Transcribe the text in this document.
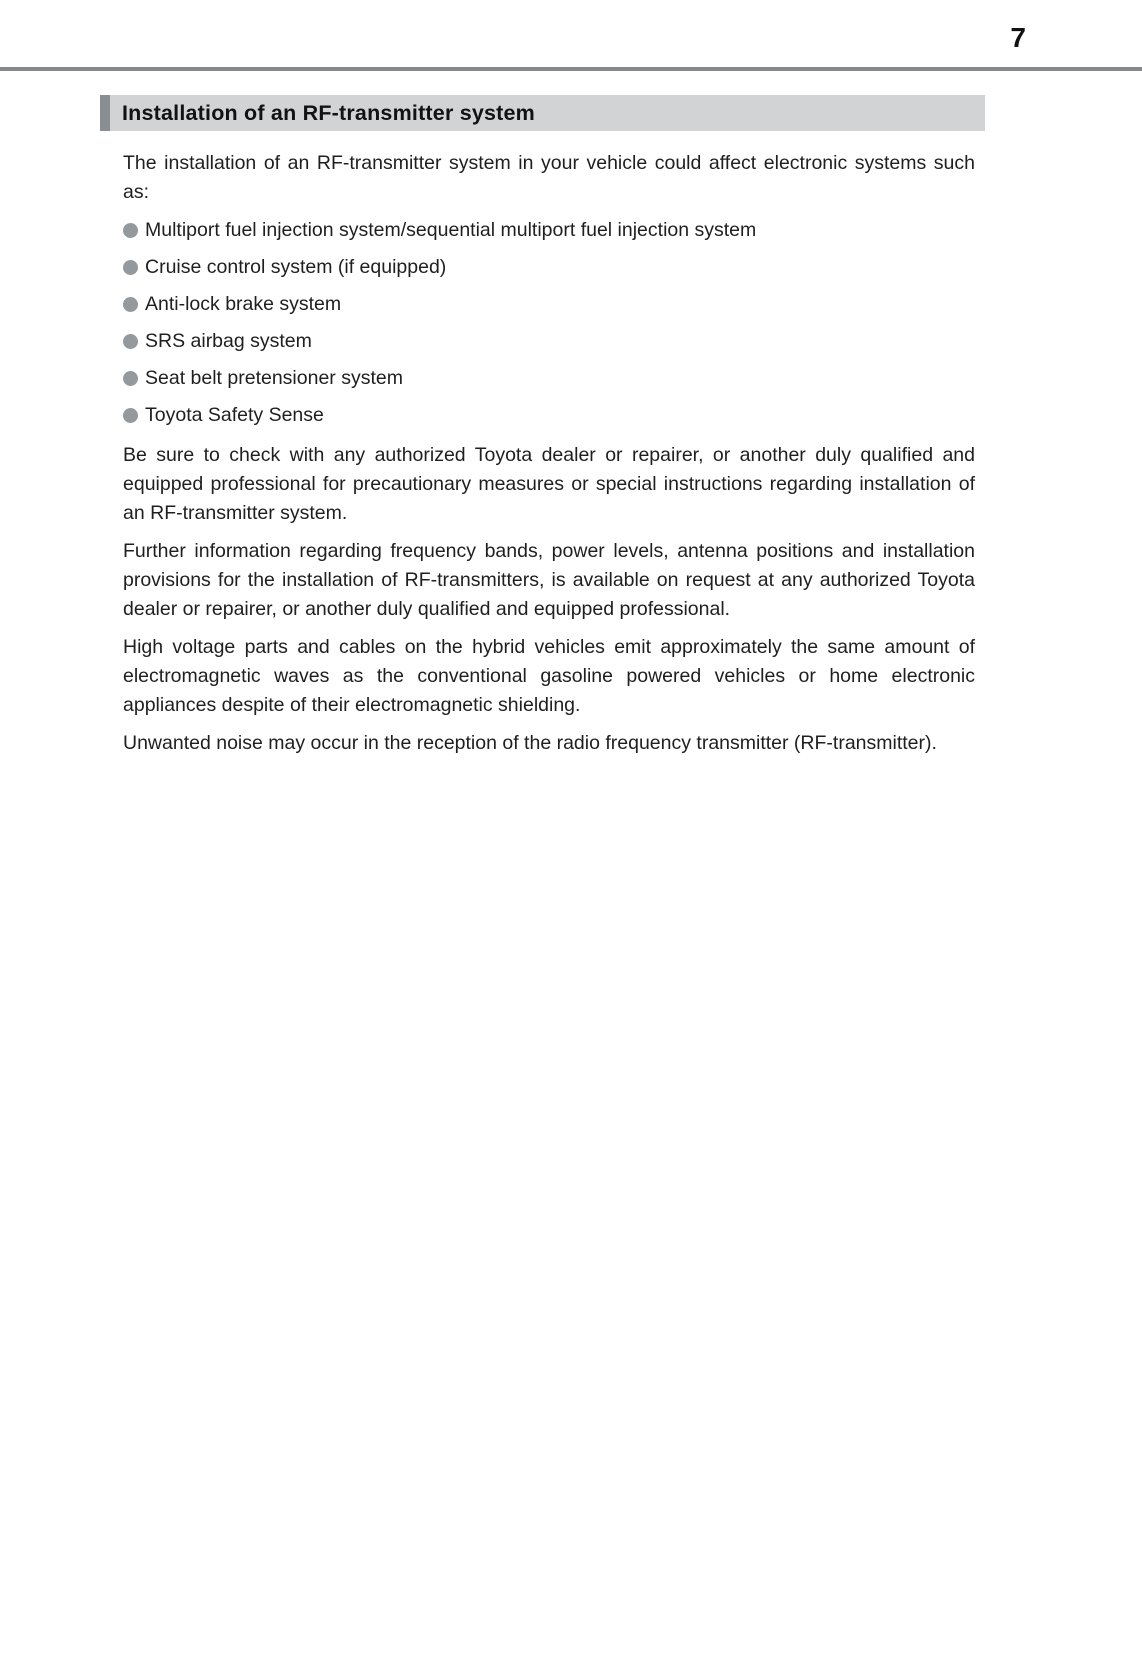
7
Installation of an RF-transmitter system

The installation of an RF-transmitter system in your vehicle could affect electronic systems such as:

Multiport fuel injection system/sequential multiport fuel injection system
Cruise control system (if equipped)
Anti-lock brake system
SRS airbag system
Seat belt pretensioner system
Toyota Safety Sense

Be sure to check with any authorized Toyota dealer or repairer, or another duly qualified and equipped professional for precautionary measures or special instructions regarding installation of an RF-transmitter system.

Further information regarding frequency bands, power levels, antenna positions and installation provisions for the installation of RF-transmitters, is available on request at any authorized Toyota dealer or repairer, or another duly qualified and equipped professional.

High voltage parts and cables on the hybrid vehicles emit approximately the same amount of electromagnetic waves as the conventional gasoline powered vehicles or home electronic appliances despite of their electromagnetic shielding.

Unwanted noise may occur in the reception of the radio frequency transmitter (RF-transmitter).
